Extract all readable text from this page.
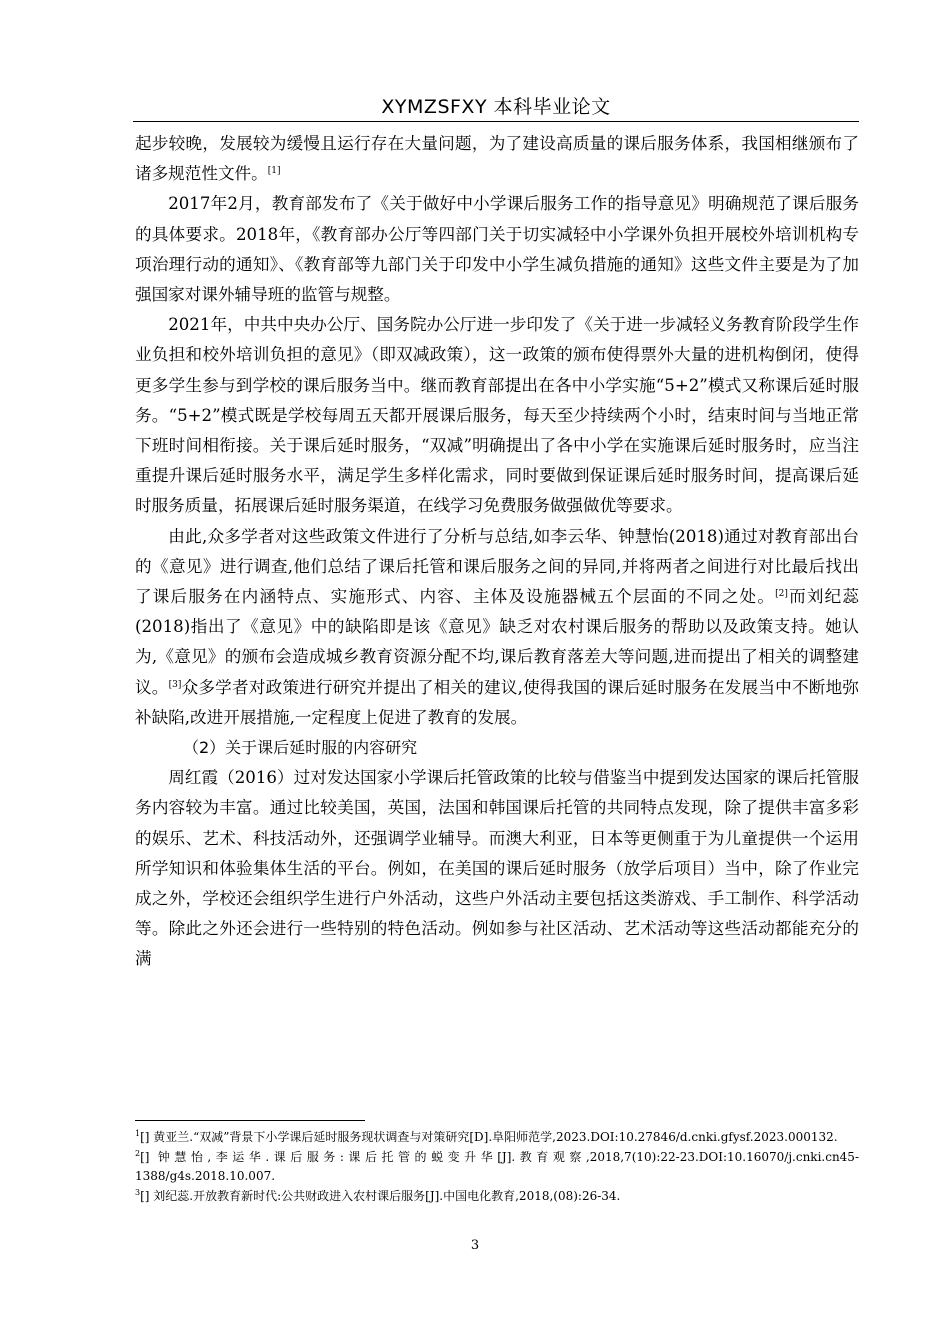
XYMZSFXY 本科毕业论文

起步较晚，发展较为缓慢且运行存在大量问题，为了建设高质量的课后服务体系，我国相继颁布了诸多规范性文件。[1]

2017年2月，教育部发布了《关于做好中小学课后服务工作的指导意见》明确规范了课后服务的具体要求。2018年，《教育部办公厅等四部门关于切实减轻中小学课外负担开展校外培训机构专项治理行动的通知》、《教育部等九部门关于印发中小学生减负措施的通知》这些文件主要是为了加强国家对课外辅导班的监管与规整。

2021年，中共中央办公厅、国务院办公厅进一步印发了《关于进一步减轻义务教育阶段学生作业负担和校外培训负担的意见》（即双减政策），这一政策的颁布使得票外大量的进机构倒闭，使得更多学生参与到学校的课后服务当中。继而教育部提出在各中小学实施“5+2”模式又称课后延时服务。“5+2”模式既是学校每周五天都开展课后服务，每天至少持续两个小时，结束时间与当地正常下班时间相衔接。关于课后延时服务，“双减”明确提出了各中小学在实施课后延时服务时，应当注重提升课后延时服务水平，满足学生多样化需求，同时要做到保证课后延时服务时间，提高课后延时服务质量，拓展课后延时服务渠道，在线学习免费服务做强做优等要求。

由此,众多学者对这些政策文件进行了分析与总结,如李云华、钟慧怡(2018)通过对教育部出台的《意见》进行调查,他们总结了课后托管和课后服务之间的异同,并将两者之间进行对比最后找出了课后服务在内涵特点、实施形式、内容、主体及设施器械五个层面的不同之处。[2]而刘纪蕊(2018)指出了《意见》中的缺陷即是该《意见》缺乏对农村课后服务的帮助以及政策支持。她认为,《意见》的颁布会造成城乡教育资源分配不均,课后教育落差大等问题,进而提出了相关的调整建议。[3]众多学者对政策进行研究并提出了相关的建议,使得我国的课后延时服务在发展当中不断地弥补缺陷,改进开展措施,一定程度上促进了教育的发展。

（2）关于课后延时服的内容研究

周红霞（2016）过对发达国家小学课后托管政策的比较与借鉴当中提到发达国家的课后托管服务内容较为丰富。通过比较美国，英国，法国和韩国课后托管的共同特点发现，除了提供丰富多彩的娱乐、艺术、科技活动外，还强调学业辅导。而澳大利亚，日本等更侧重于为儿童提供一个运用所学知识和体验集体生活的平台。例如，在美国的课后延时服务（放学后项目）当中，除了作业完成之外，学校还会组织学生进行户外活动，这些户外活动主要包括这类游戏、手工制作、科学活动等。除此之外还会进行一些特别的特色活动。例如参与社区活动、艺术活动等这些活动都能充分的满

$^1$[] 黄亚兰.“双减”背景下小学课后延时服务现状调查与对策研究[D].阜阳师范学,2023.DOI:10.27846/d.cnki.gfysf.2023.000132.

$^2$[] 钟慧怡,李运华.课后服务:课后托管的蜕变升华[J].教育观察,2018,7(10):22-23.DOI:10.16070/j.cnki.cn45-1388/g4s.2018.10.007.

$^3$[] 刘纪蕊.开放教育新时代:公共财政进入农村课后服务[J].中国电化教育,2018,(08):26-34.

3
